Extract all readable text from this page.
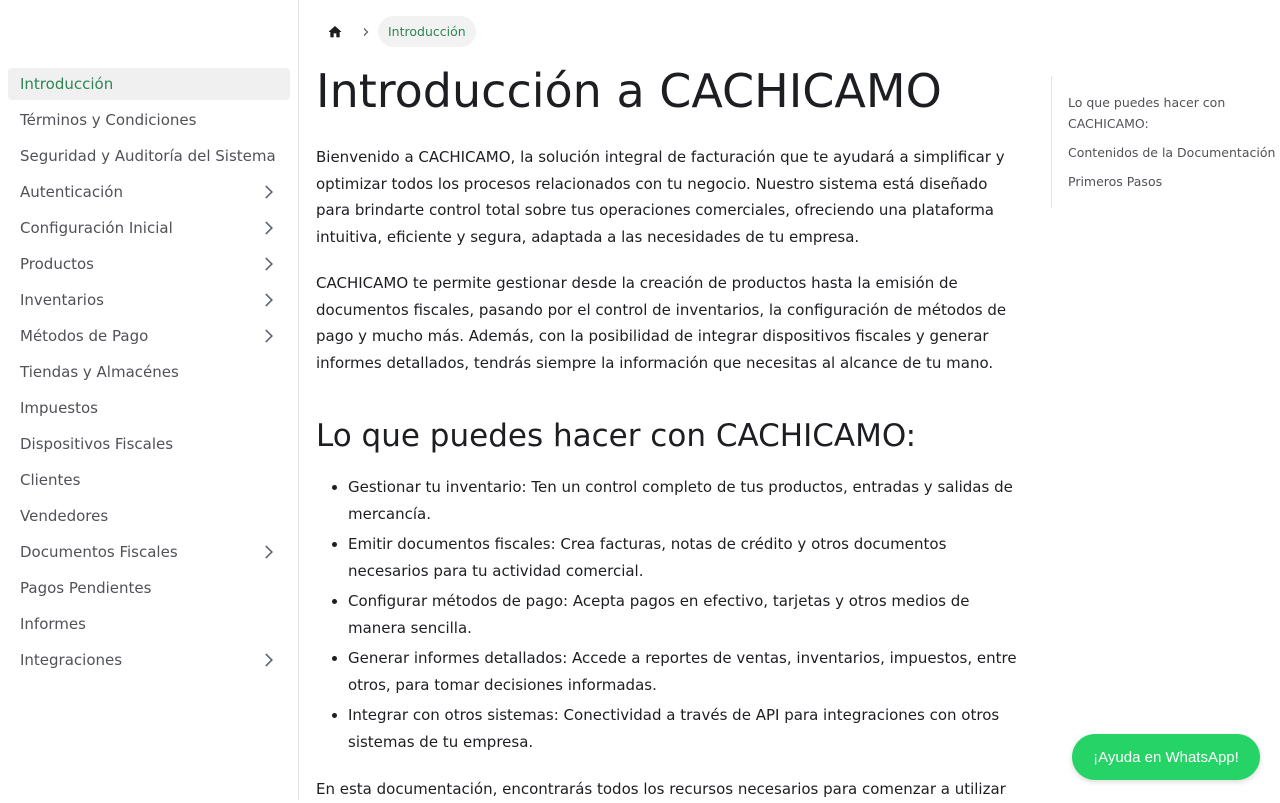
Introducción
Términos y Condiciones
Seguridad y Auditoría del Sistema
Autenticación
Configuración Inicial
Productos
Inventarios
Métodos de Pago
Tiendas y Almacénes
Impuestos
Dispositivos Fiscales
Clientes
Vendedores
Documentos Fiscales
Pagos Pendientes
Informes
Integraciones
Introducción
Introducción a CACHICAMO

Bienvenido a CACHICAMO, la solución integral de facturación que te ayudará a simplificar y optimizar todos los procesos relacionados con tu negocio. Nuestro sistema está diseñado para brindarte control total sobre tus operaciones comerciales, ofreciendo una plataforma intuitiva, eficiente y segura, adaptada a las necesidades de tu empresa.

CACHICAMO te permite gestionar desde la creación de productos hasta la emisión de documentos fiscales, pasando por el control de inventarios, la configuración de métodos de pago y mucho más. Además, con la posibilidad de integrar dispositivos fiscales y generar informes detallados, tendrás siempre la información que necesitas al alcance de tu mano.

Lo que puedes hacer con CACHICAMO:
• Gestionar tu inventario: Ten un control completo de tus productos, entradas y salidas de mercancía.
• Emitir documentos fiscales: Crea facturas, notas de crédito y otros documentos necesarios para tu actividad comercial.
• Configurar métodos de pago: Acepta pagos en efectivo, tarjetas y otros medios de manera sencilla.
• Generar informes detallados: Accede a reportes de ventas, inventarios, impuestos, entre otros, para tomar decisiones informadas.
• Integrar con otros sistemas: Conectividad a través de API para integraciones con otros sistemas de tu empresa.

En esta documentación, encontrarás todos los recursos necesarios para comenzar a utilizar

Lo que puedes hacer con CACHICAMO:
Contenidos de la Documentación
Primeros Pasos
¡Ayuda en WhatsApp!
